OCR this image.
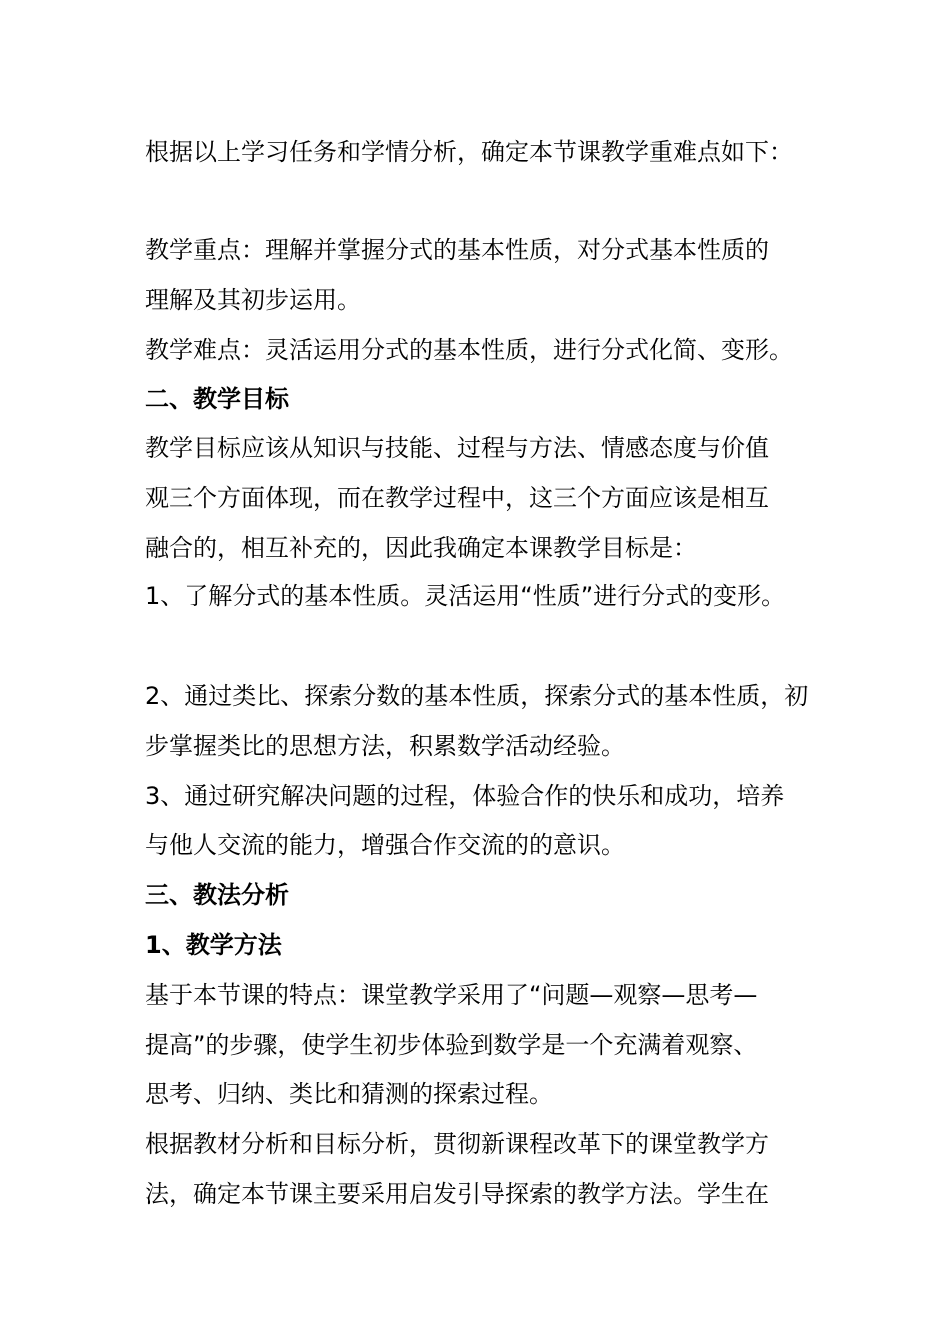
根据以上学习任务和学情分析，确定本节课教学重难点如下：
教学重点：理解并掌握分式的基本性质，对分式基本性质的
理解及其初步运用。
教学难点：灵活运用分式的基本性质，进行分式化简、变形。
二、教学目标
教学目标应该从知识与技能、过程与方法、情感态度与价值
观三个方面体现，而在教学过程中，这三个方面应该是相互
融合的，相互补充的，因此我确定本课教学目标是：
1、了解分式的基本性质。灵活运用“性质”进行分式的变形。
2、通过类比、探索分数的基本性质，探索分式的基本性质，初
步掌握类比的思想方法，积累数学活动经验。
3、通过研究解决问题的过程，体验合作的快乐和成功，培养
与他人交流的能力，增强合作交流的的意识。
三、教法分析
1、教学方法
基于本节课的特点：课堂教学采用了“问题—观察—思考—
提高”的步骤，使学生初步体验到数学是一个充满着观察、
思考、归纳、类比和猜测的探索过程。
根据教材分析和目标分析，贯彻新课程改革下的课堂教学方
法，确定本节课主要采用启发引导探索的教学方法。学生在
